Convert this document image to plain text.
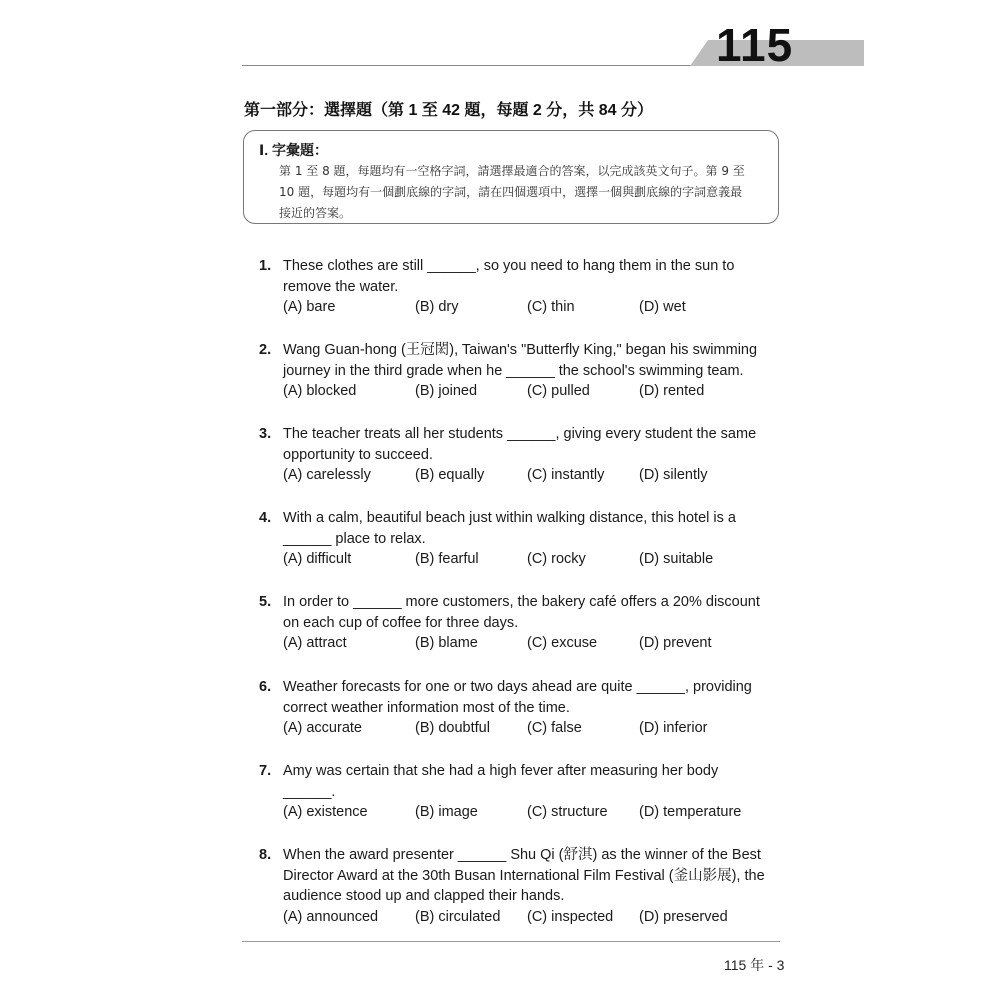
115
第一部分：選擇題（第 1 至 42 題，每題 2 分，共 84 分）
Ⅰ. 字彙題：
第 1 至 8 題，每題均有一空格字詞，請選擇最適合的答案，以完成該英文句子。第 9 至
10 題，每題均有一個劃底線的字詞，請在四個選項中，選擇一個與劃底線的字詞意義最
接近的答案。
1. These clothes are still ______, so you need to hang them in the sun to
remove the water.
(A) bare	(B) dry	(C) thin	(D) wet
2. Wang Guan-hong (王冠閎), Taiwan's "Butterfly King," began his swimming
journey in the third grade when he ______ the school's swimming team.
(A) blocked	(B) joined	(C) pulled	(D) rented
3. The teacher treats all her students ______, giving every student the same
opportunity to succeed.
(A) carelessly	(B) equally	(C) instantly (D) silently
4. With a calm, beautiful beach just within walking distance, this hotel is a
______ place to relax.
(A) difficult	(B) fearful	(C) rocky	(D) suitable
5. In order to ______ more customers, the bakery café offers a 20% discount
on each cup of coffee for three days.
(A) attract	(B) blame	(C) excuse	(D) prevent
6. Weather forecasts for one or two days ahead are quite ______, providing
correct weather information most of the time.
(A) accurate	(B) doubtful	(C) false	(D) inferior
7. Amy was certain that she had a high fever after measuring her body
______.
(A) existence	(B) image	(C) structure (D) temperature
8. When the award presenter ______ Shu Qi (舒淇) as the winner of the Best
Director Award at the 30th Busan International Film Festival (釜山影展), the
audience stood up and clapped their hands.
(A) announced	(B) circulated (C) inspected (D) preserved
115 年 - 3
